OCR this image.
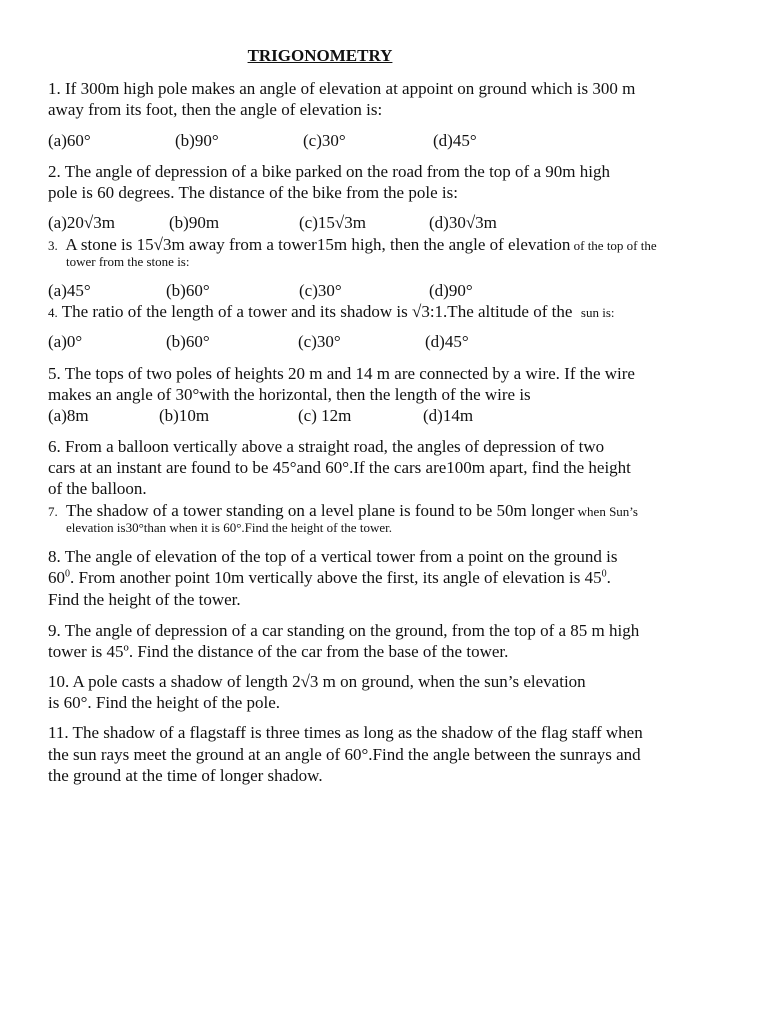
TRIGONOMETRY
1. If 300m high pole makes an angle of elevation at appoint on ground which is 300 m
away from its foot, then the angle of elevation is:
(a)60°	(b)90°	(c)30°	(d)45°
2. The angle of depression of a bike parked on the road from the top of a 90m high
pole is 60 degrees. The distance of the bike from the pole is:
(a)20√3m	(b)90m	(c)15√3m	(d)30√3m
3. A stone is 15√3m away from a tower15m high, then the angle of elevation of the top of the
tower from the stone is:
(a)45°	(b)60°	(c)30°	(d)90°
4. The ratio of the length of a tower and its shadow is √3:1.The altitude of the sun is:
(a)0°	(b)60°	(c)30°	(d)45°
5. The tops of two poles of heights 20 m and 14 m are connected by a wire. If the wire
makes an angle of 30°with the horizontal, then the length of the wire is
(a)8m	(b)10m	(c) 12m	(d)14m
6. From a balloon vertically above a straight road, the angles of depression of two
cars at an instant are found to be 45°and 60°.If the cars are100m apart, find the height
of the balloon.
7. The shadow of a tower standing on a level plane is found to be 50m longer when Sun’s
elevation is30°than when it is 60°.Find the height of the tower.
8. The angle of elevation of the top of a vertical tower from a point on the ground is
$60^0$. From another point 10m vertically above the first, its angle of elevation is $45^0$.
Find the height of the tower.
9. The angle of depression of a car standing on the ground, from the top of a 85 m high
tower is 45º. Find the distance of the car from the base of the tower.
10. A pole casts a shadow of length 2√3 m on ground, when the sun’s elevation
is 60°. Find the height of the pole.
11. The shadow of a flagstaff is three times as long as the shadow of the flag staff when
the sun rays meet the ground at an angle of 60°.Find the angle between the sunrays and
the ground at the time of longer shadow.
